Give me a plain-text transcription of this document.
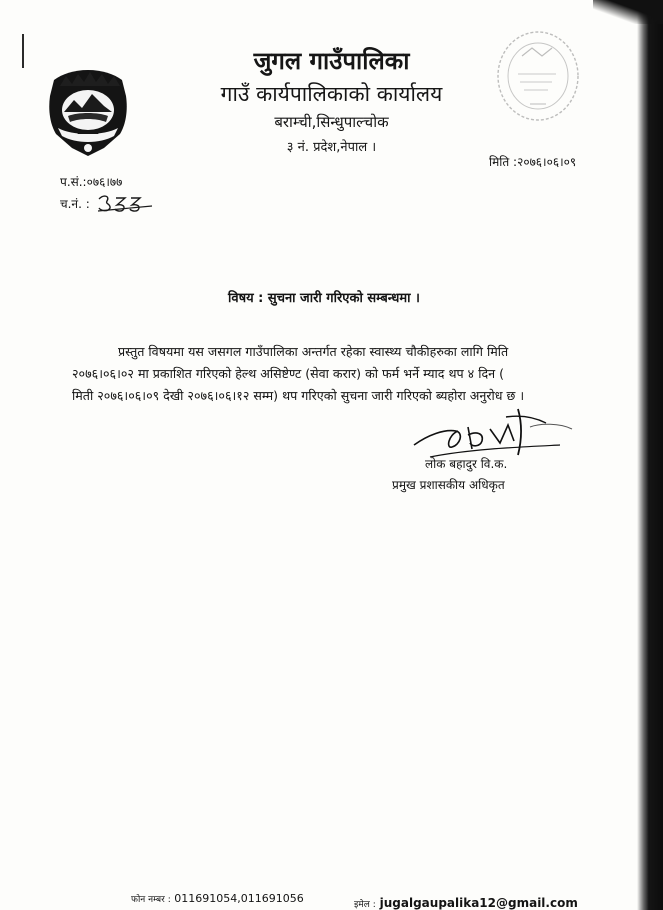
जुगल गाउँपालिका
गाउँ कार्यपालिकाको कार्यालय
बराम्ची,सिन्धुपाल्चोक
३ नं. प्रदेश,नेपाल ।
मिति :२०७६।०६।०९
प.सं.:०७६।७७
च.नं. :
विषय : सुचना जारी गरिएको सम्बन्धमा ।
प्रस्तुत विषयमा यस जसगल गाउँपालिका अन्तर्गत रहेका स्वास्थ्य चौकीहरुका लागि मिति
२०७६।०६।०२ मा प्रकाशित गरिएको हेल्थ असिष्टेण्ट (सेवा करार) को फर्म भर्ने म्याद थप ४ दिन (
मिती २०७६।०६।०९ देखी २०७६।०६।१२ सम्म) थप गरिएको सुचना जारी गरिएको ब्यहोरा अनुरोध छ ।
लोक बहादुर वि.क.
प्रमुख प्रशासकीय अधिकृत
फोन नम्बर : 011691054,011691056	इमेल : jugalgaupalika12@gmail.com
